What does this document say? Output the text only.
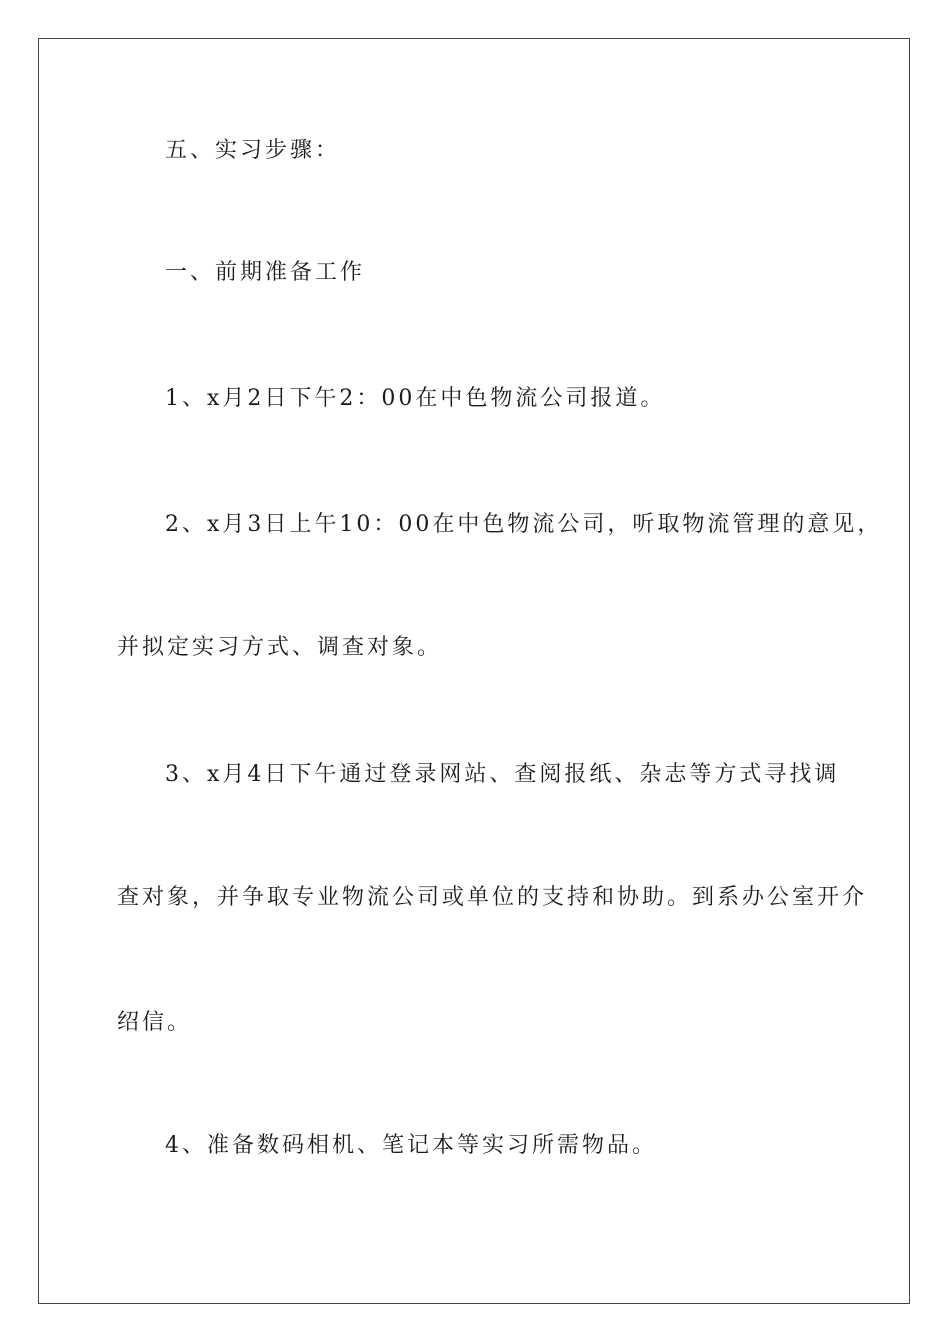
五、实习步骤：
一、前期准备工作
1、x月2日下午2：00在中色物流公司报道。
2、x月3日上午10：00在中色物流公司，听取物流管理的意见，
并拟定实习方式、调查对象。
3、x月4日下午通过登录网站、查阅报纸、杂志等方式寻找调
查对象，并争取专业物流公司或单位的支持和协助。到系办公室开介
绍信。
4、准备数码相机、笔记本等实习所需物品。
